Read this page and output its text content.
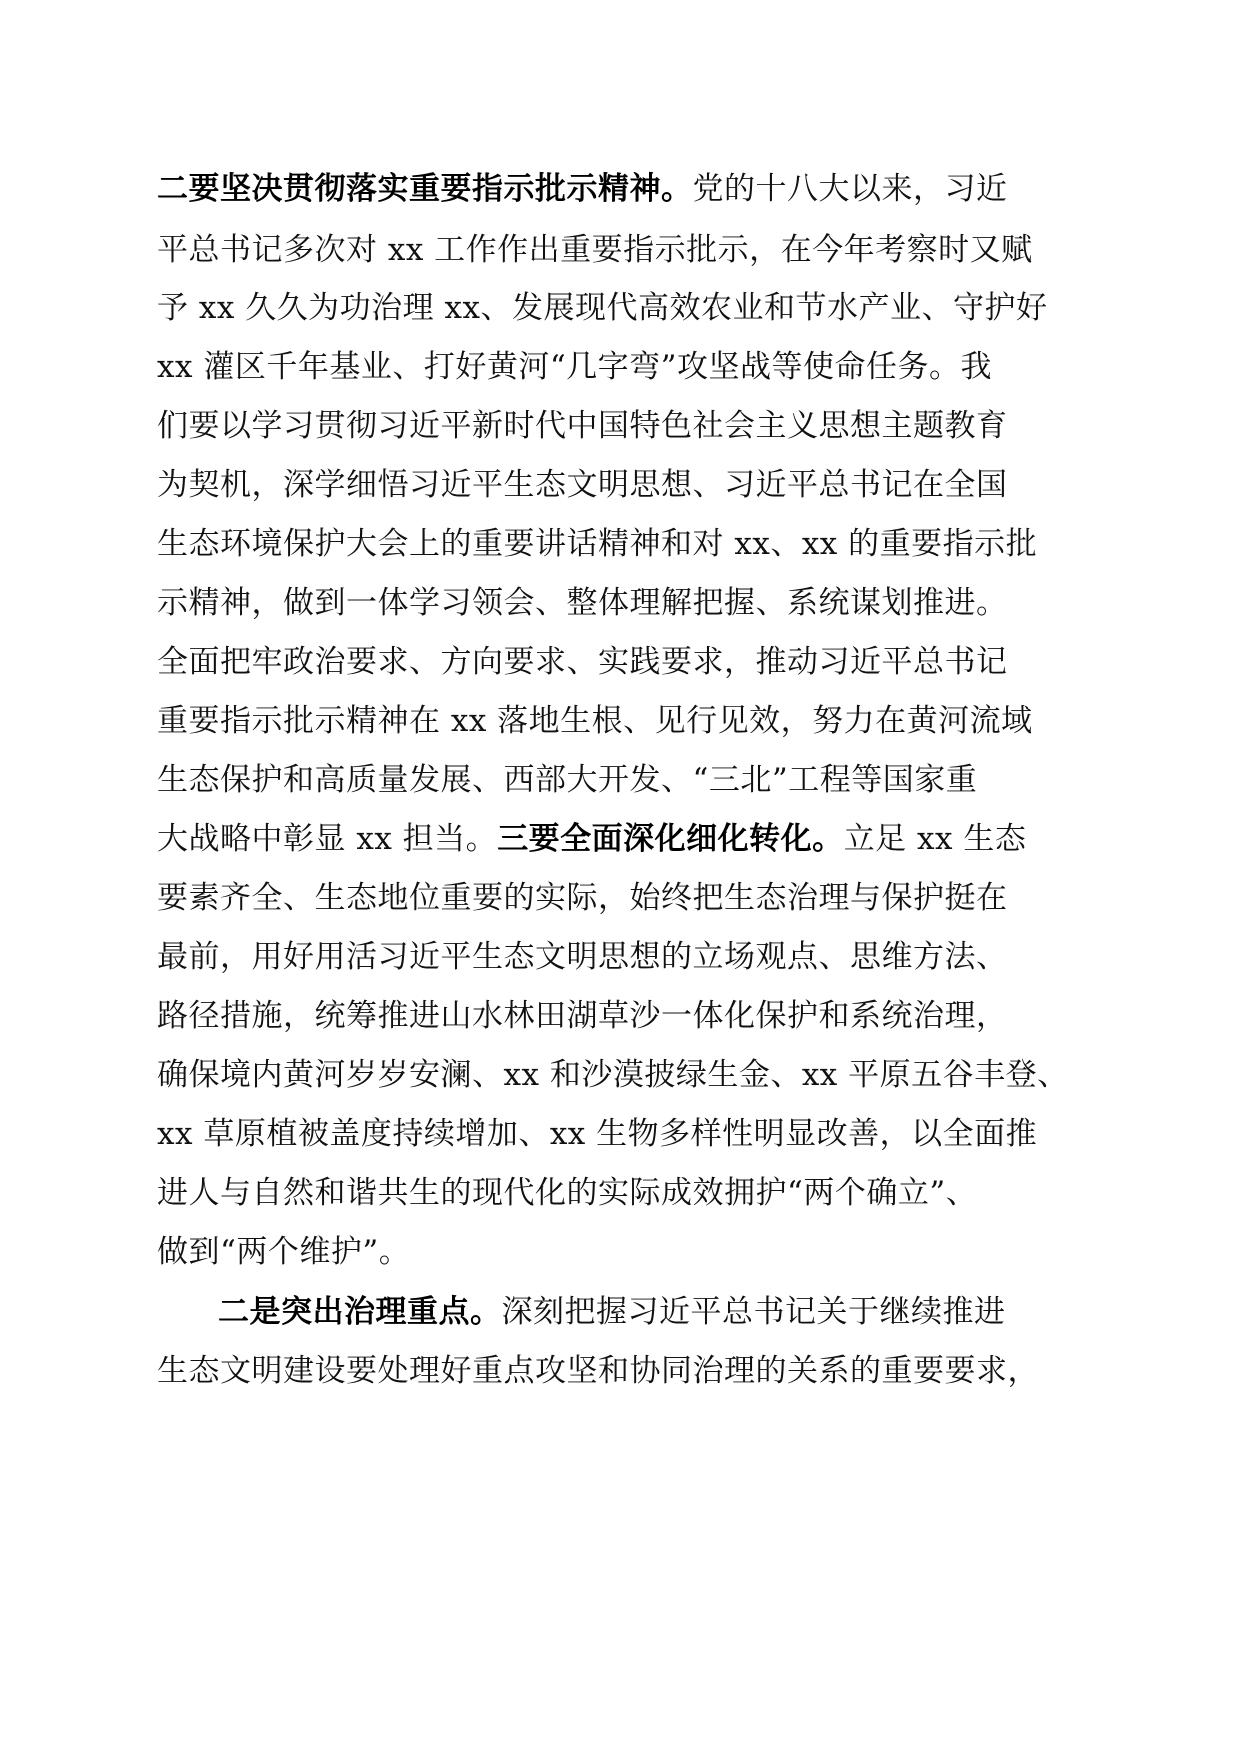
二要坚决贯彻落实重要指示批示精神。党的十八大以来，习近
平总书记多次对 xx 工作作出重要指示批示，在今年考察时又赋
予 xx 久久为功治理 xx、发展现代高效农业和节水产业、守护好
xx 灌区千年基业、打好黄河“几字弯”攻坚战等使命任务。我
们要以学习贯彻习近平新时代中国特色社会主义思想主题教育
为契机，深学细悟习近平生态文明思想、习近平总书记在全国
生态环境保护大会上的重要讲话精神和对 xx、xx 的重要指示批
示精神，做到一体学习领会、整体理解把握、系统谋划推进。
全面把牢政治要求、方向要求、实践要求，推动习近平总书记
重要指示批示精神在 xx 落地生根、见行见效，努力在黄河流域
生态保护和高质量发展、西部大开发、“三北”工程等国家重
大战略中彰显 xx 担当。三要全面深化细化转化。立足 xx 生态
要素齐全、生态地位重要的实际，始终把生态治理与保护挺在
最前，用好用活习近平生态文明思想的立场观点、思维方法、
路径措施，统筹推进山水林田湖草沙一体化保护和系统治理，
确保境内黄河岁岁安澜、xx 和沙漠披绿生金、xx 平原五谷丰登、
xx 草原植被盖度持续增加、xx 生物多样性明显改善，以全面推
进人与自然和谐共生的现代化的实际成效拥护“两个确立”、
做到“两个维护”。
二是突出治理重点。深刻把握习近平总书记关于继续推进
生态文明建设要处理好重点攻坚和协同治理的关系的重要要求，
